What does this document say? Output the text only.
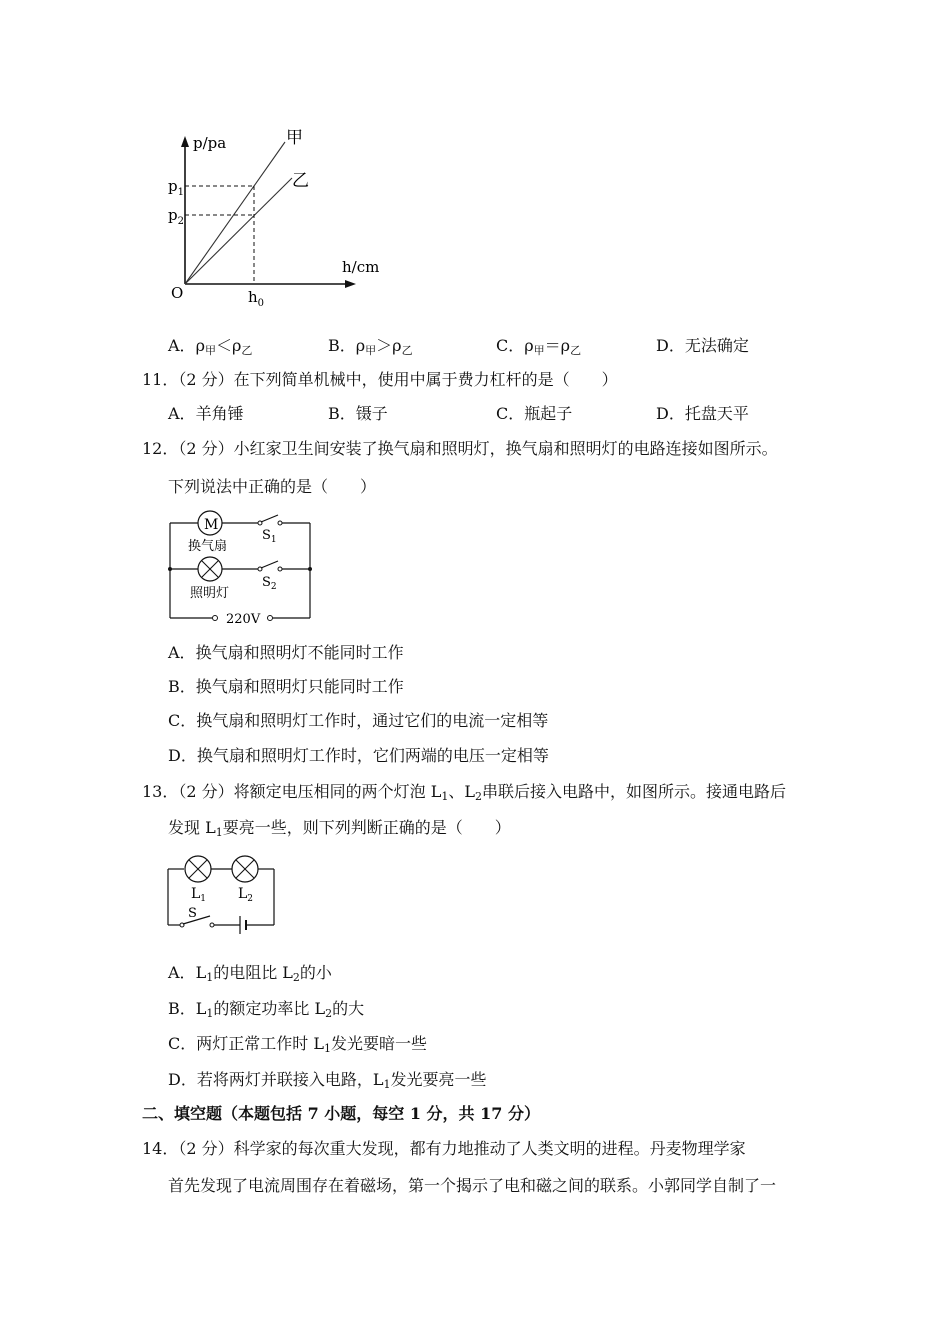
p/pa
h/cm
O
$p_1$
$p_2$
$h_0$
甲
乙
A．$\rho_甲<\rho_乙$	B．$\rho_甲>\rho_乙$	C．$\rho_甲=\rho_乙$	D．无法确定
11．（2 分）在下列简单机械中，使用中属于费力杠杆的是（　　）
A．羊角锤	B．镊子	C．瓶起子	D．托盘天平
12．（2 分）小红家卫生间安装了换气扇和照明灯，换气扇和照明灯的电路连接如图所示。
下列说法中正确的是（　　）
M
换气扇
$S_1$
照明灯
$S_2$
220V
A．换气扇和照明灯不能同时工作
B．换气扇和照明灯只能同时工作
C．换气扇和照明灯工作时，通过它们的电流一定相等
D．换气扇和照明灯工作时，它们两端的电压一定相等
13．（2 分）将额定电压相同的两个灯泡 $L_1$、$L_2$串联后接入电路中，如图所示。接通电路后
发现 $L_1$要亮一些，则下列判断正确的是（　　）
$L_1$ $L_2$
S
A．$L_1$的电阻比 $L_2$的小
B．$L_1$的额定功率比 $L_2$的大
C．两灯正常工作时 $L_1$发光要暗一些
D．若将两灯并联接入电路，$L_1$发光要亮一些
二、填空题（本题包括 7 小题，每空 1 分，共 17 分）
14．（2 分）科学家的每次重大发现，都有力地推动了人类文明的进程。丹麦物理学家
首先发现了电流周围存在着磁场，第一个揭示了电和磁之间的联系。小郭同学自制了一
